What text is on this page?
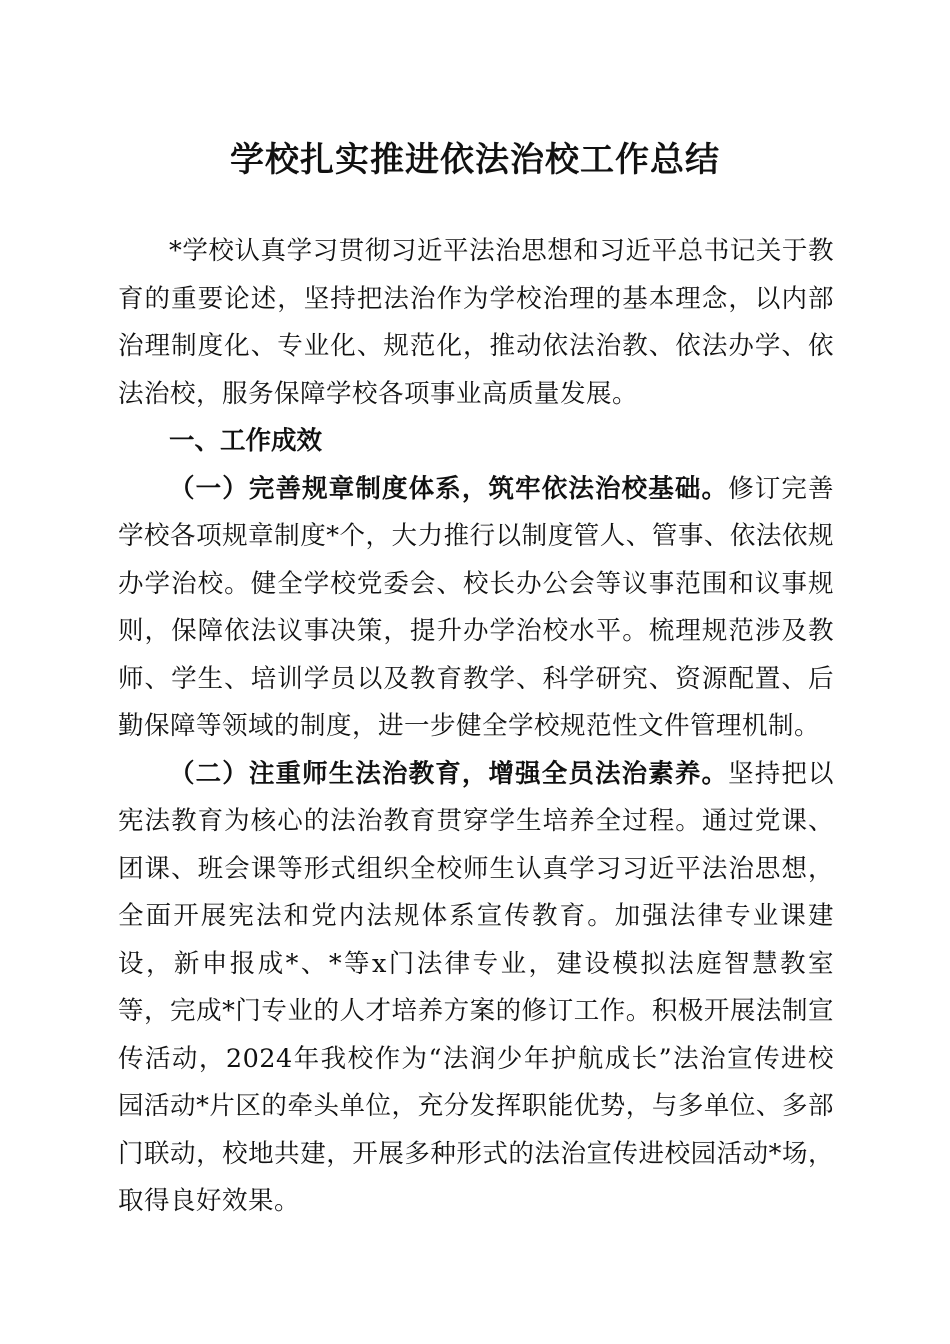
学校扎实推进依法治校工作总结

*学校认真学习贯彻习近平法治思想和习近平总书记关于教育的重要论述，坚持把法治作为学校治理的基本理念，以内部治理制度化、专业化、规范化，推动依法治教、依法办学、依法治校，服务保障学校各项事业高质量发展。

一、工作成效

（一）完善规章制度体系，筑牢依法治校基础。修订完善学校各项规章制度*个，大力推行以制度管人、管事、依法依规办学治校。健全学校党委会、校长办公会等议事范围和议事规则，保障依法议事决策，提升办学治校水平。梳理规范涉及教师、学生、培训学员以及教育教学、科学研究、资源配置、后勤保障等领域的制度，进一步健全学校规范性文件管理机制。

（二）注重师生法治教育，增强全员法治素养。坚持把以宪法教育为核心的法治教育贯穿学生培养全过程。通过党课、团课、班会课等形式组织全校师生认真学习习近平法治思想，全面开展宪法和党内法规体系宣传教育。加强法律专业课建设，新申报成*、*等x门法律专业，建设模拟法庭智慧教室等，完成*门专业的人才培养方案的修订工作。积极开展法制宣传活动，2024年我校作为“法润少年护航成长”法治宣传进校园活动*片区的牵头单位，充分发挥职能优势，与多单位、多部门联动，校地共建，开展多种形式的法治宣传进校园活动*场，取得良好效果。
